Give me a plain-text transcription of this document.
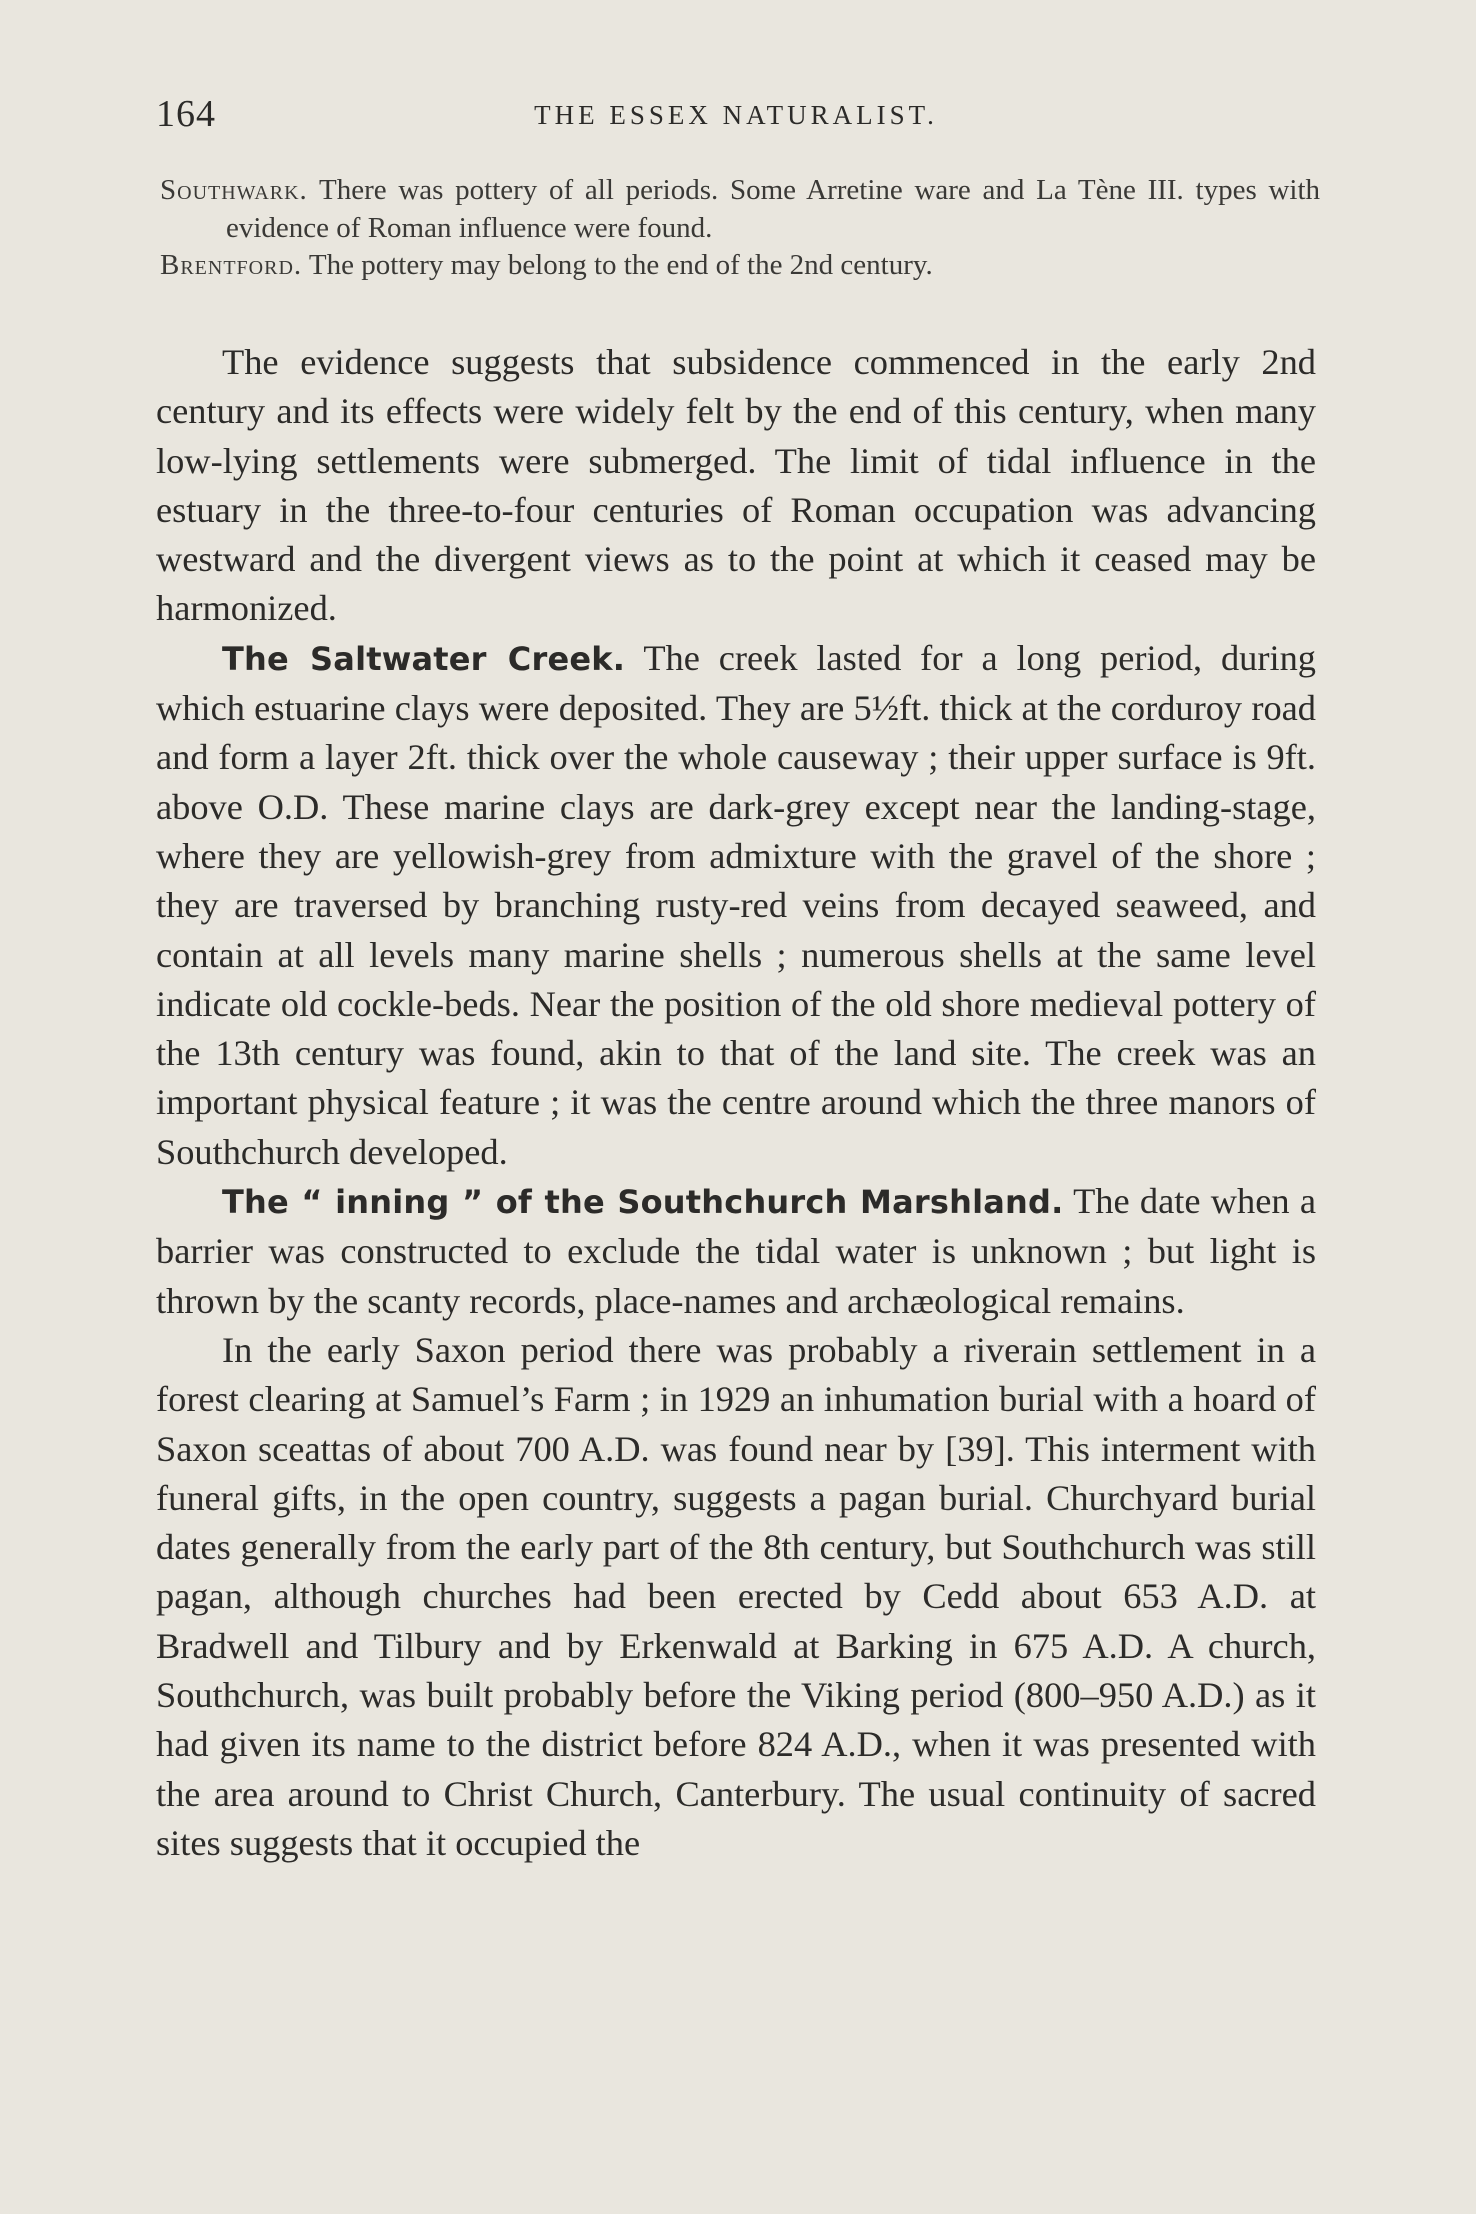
164	THE ESSEX NATURALIST.

Southwark. There was pottery of all periods. Some Arretine ware and La Tène III. types with evidence of Roman influence were found.

Brentford. The pottery may belong to the end of the 2nd century.

The evidence suggests that subsidence commenced in the early 2nd century and its effects were widely felt by the end of this century, when many low-lying settlements were submerged. The limit of tidal influence in the estuary in the three-to-four centuries of Roman occupation was advancing westward and the divergent views as to the point at which it ceased may be harmonized.

The Saltwater Creek. The creek lasted for a long period, during which estuarine clays were deposited. They are 5½ft. thick at the corduroy road and form a layer 2ft. thick over the whole causeway ; their upper surface is 9ft. above O.D. These marine clays are dark-grey except near the landing-stage, where they are yellowish-grey from admixture with the gravel of the shore ; they are traversed by branching rusty-red veins from decayed seaweed, and contain at all levels many marine shells ; numerous shells at the same level indicate old cockle-beds. Near the position of the old shore medieval pottery of the 13th century was found, akin to that of the land site. The creek was an important physical feature ; it was the centre around which the three manors of Southchurch developed.

The “ inning ” of the Southchurch Marshland. The date when a barrier was constructed to exclude the tidal water is unknown ; but light is thrown by the scanty records, place-names and archæological remains.

In the early Saxon period there was probably a riverain settlement in a forest clearing at Samuel’s Farm ; in 1929 an inhumation burial with a hoard of Saxon sceattas of about 700 A.D. was found near by [39]. This interment with funeral gifts, in the open country, suggests a pagan burial. Churchyard burial dates generally from the early part of the 8th century, but Southchurch was still pagan, although churches had been erected by Cedd about 653 A.D. at Bradwell and Tilbury and by Erkenwald at Barking in 675 A.D. A church, Southchurch, was built probably before the Viking period (800–950 A.D.) as it had given its name to the district before 824 A.D., when it was presented with the area around to Christ Church, Canterbury. The usual continuity of sacred sites suggests that it occupied the
